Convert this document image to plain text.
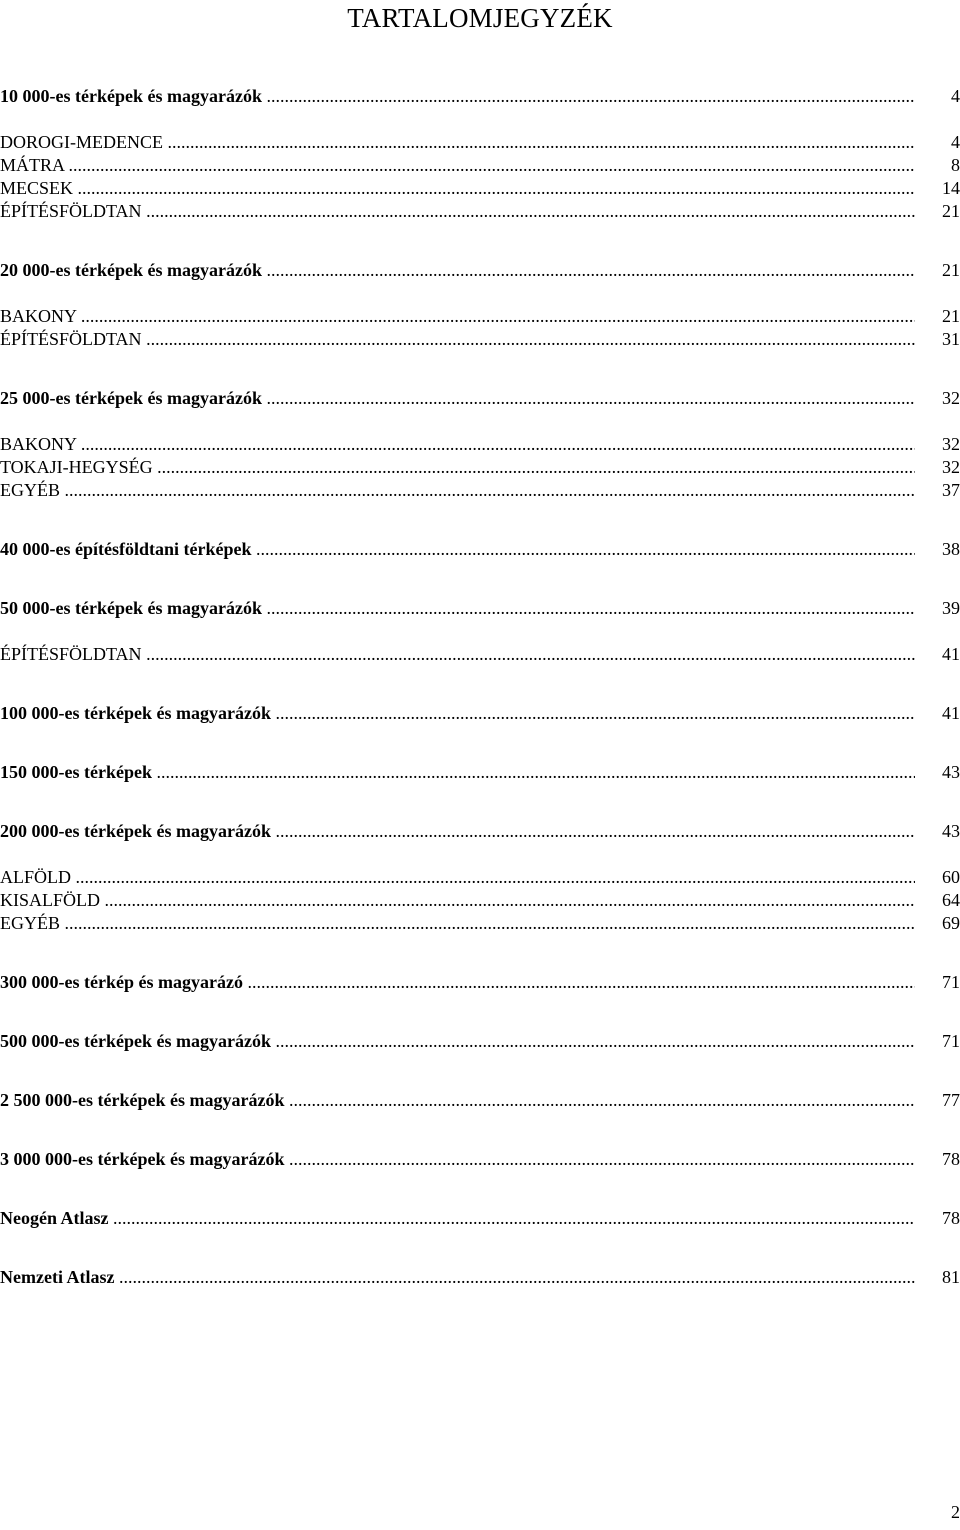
TARTALOMJEGYZÉK
10 000-es térképek és magyarázók .....	4
DOROGI-MEDENCE .....	4
MÁTRA .....	8
MECSEK .....	14
ÉPÍTÉSFÖLDTAN .....	21
20 000-es térképek és magyarázók .....	21
BAKONY .....	21
ÉPÍTÉSFÖLDTAN .....	31
25 000-es térképek és magyarázók .....	32
BAKONY .....	32
TOKAJI-HEGYSÉG .....	32
EGYÉB .....	37
40 000-es építésföldtani térképek .....	38
50 000-es térképek és magyarázók .....	39
ÉPÍTÉSFÖLDTAN .....	41
100 000-es térképek és magyarázók .....	41
150 000-es térképek .....	43
200 000-es térképek és magyarázók .....	43
ALFÖLD .....	60
KISALFÖLD .....	64
EGYÉB .....	69
300 000-es térkép és magyarázó .....	71
500 000-es térképek és magyarázók .....	71
2 500 000-es térképek és magyarázók .....	77
3 000 000-es térképek és magyarázók .....	78
Neogén Atlasz .....	78
Nemzeti Atlasz .....	81
2
